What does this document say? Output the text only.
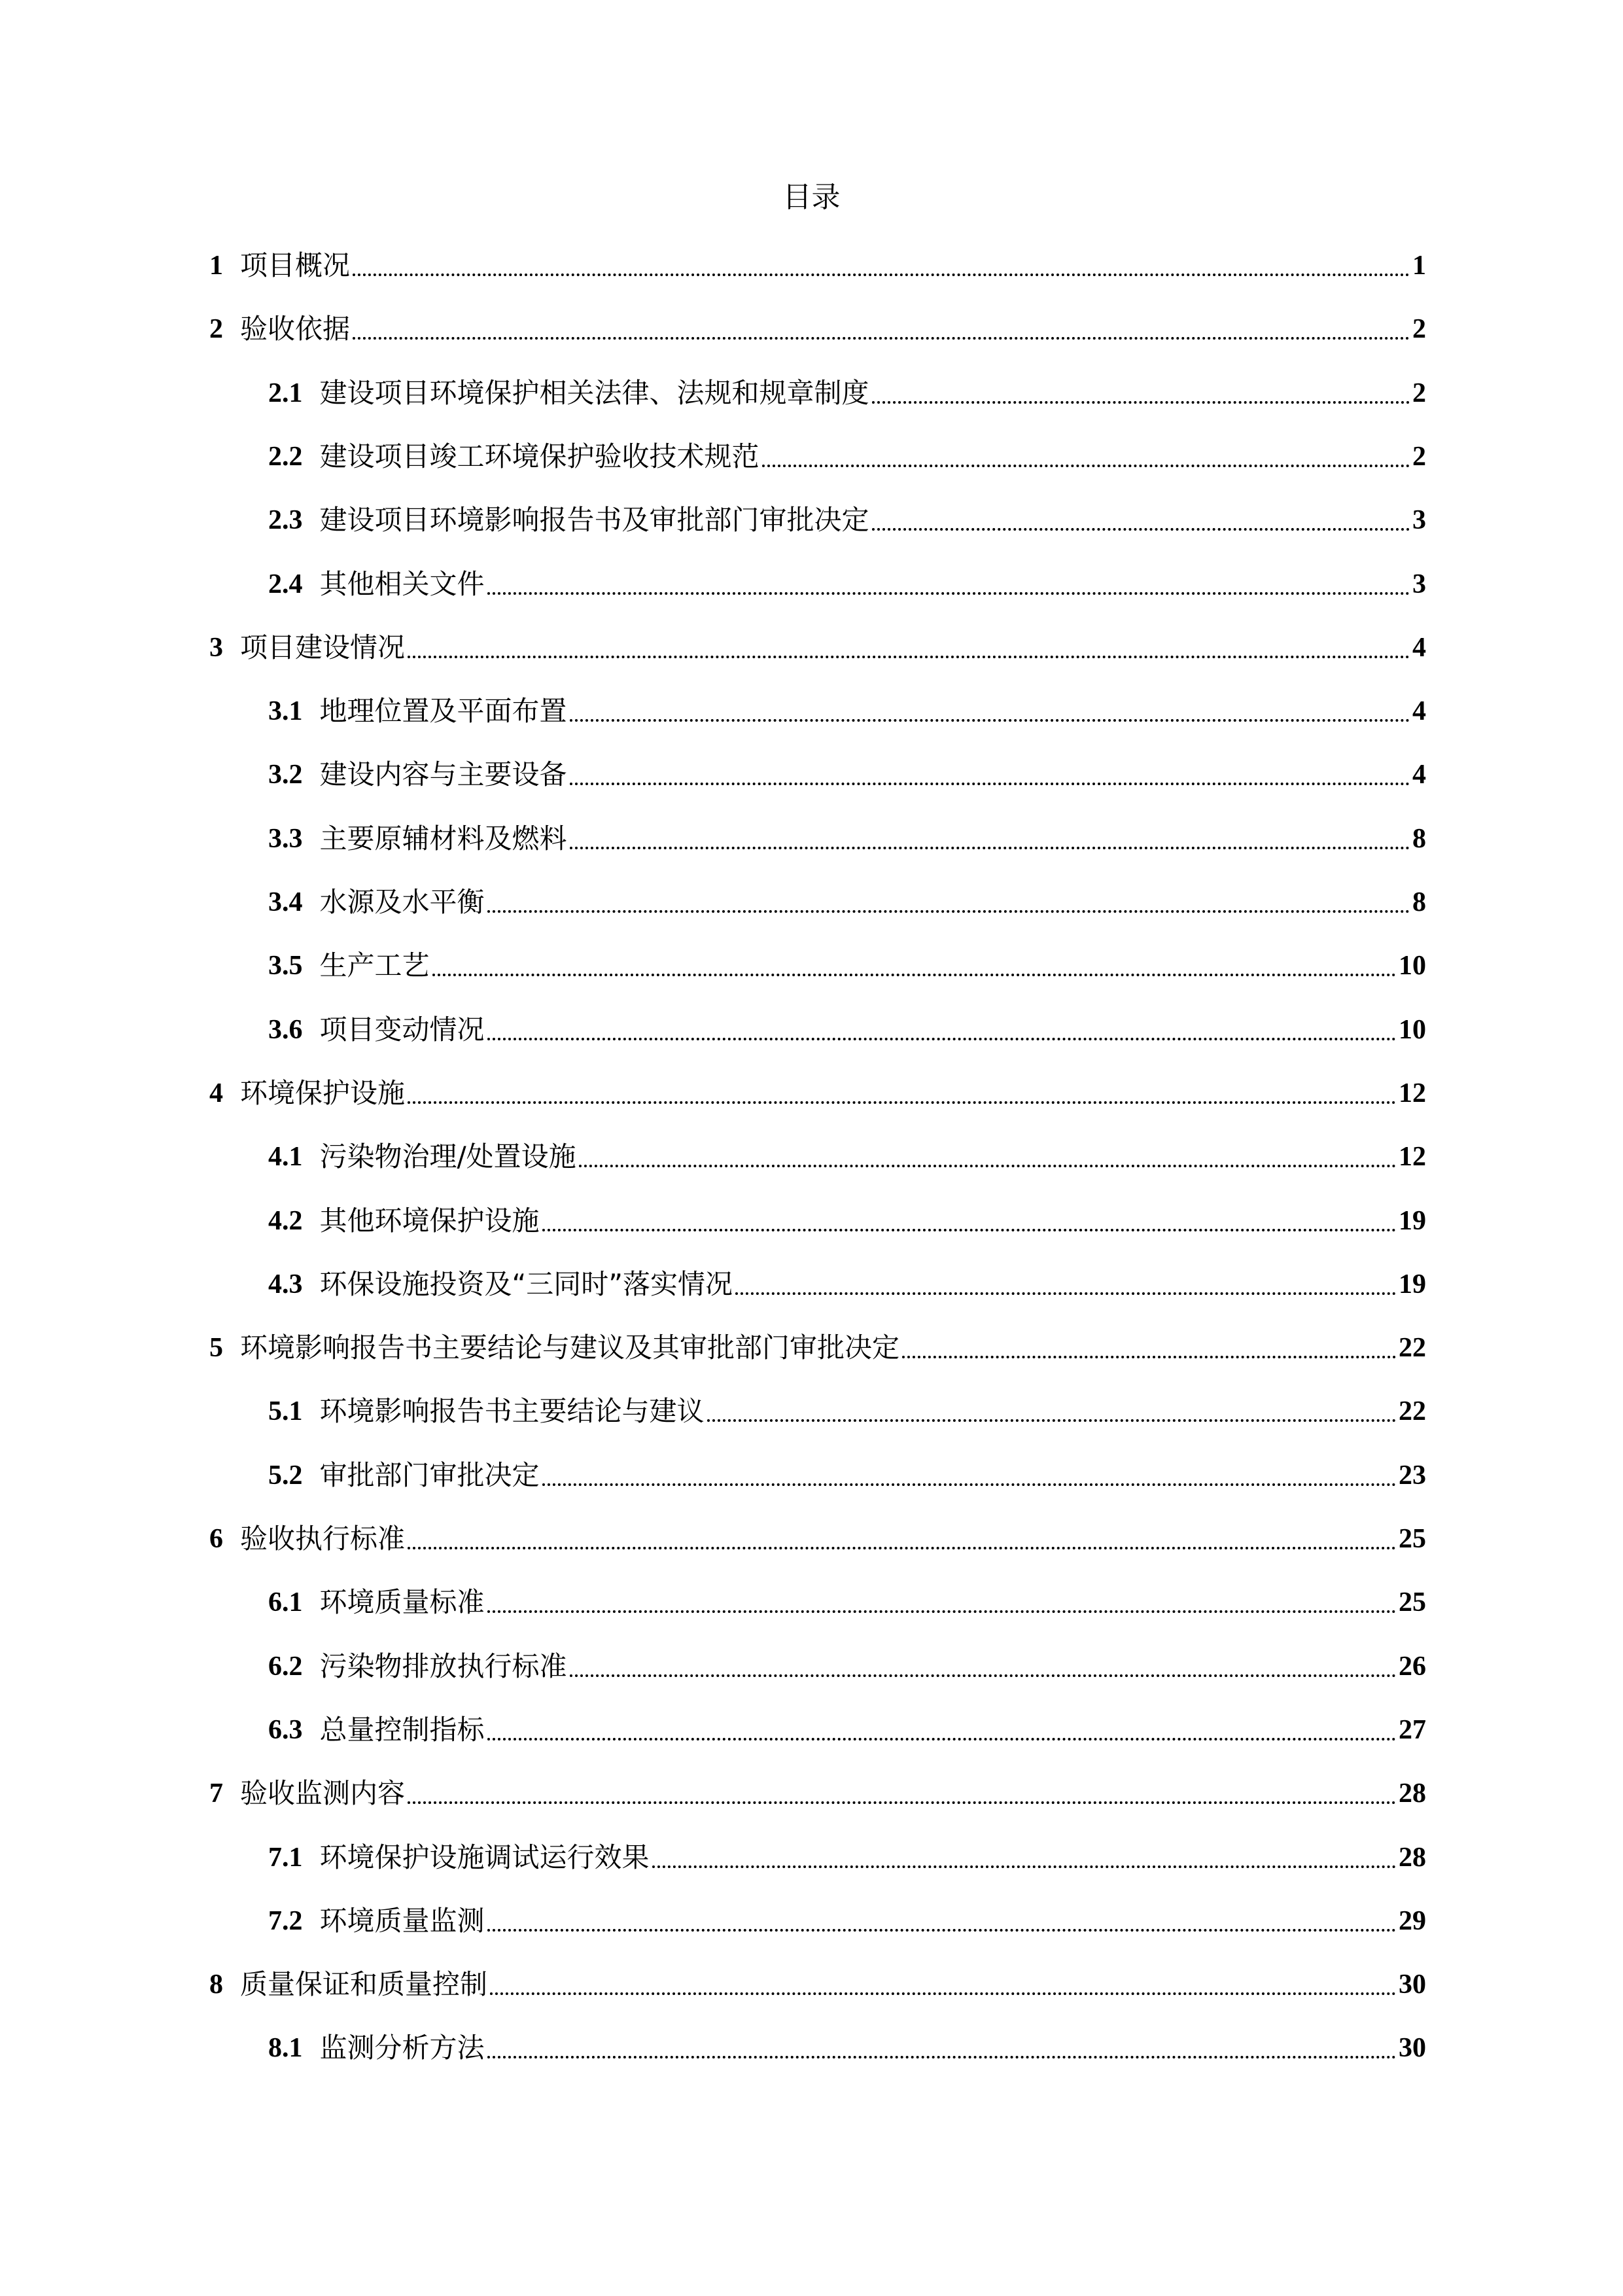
目录
1 项目概况	1
2 验收依据	2
2.1 建设项目环境保护相关法律、法规和规章制度	2
2.2 建设项目竣工环境保护验收技术规范	2
2.3 建设项目环境影响报告书及审批部门审批决定	3
2.4 其他相关文件	3
3 项目建设情况	4
3.1 地理位置及平面布置	4
3.2 建设内容与主要设备	4
3.3 主要原辅材料及燃料	8
3.4 水源及水平衡	8
3.5 生产工艺	10
3.6 项目变动情况	10
4 环境保护设施	12
4.1 污染物治理/处置设施	12
4.2 其他环境保护设施	19
4.3 环保设施投资及“三同时”落实情况	19
5 环境影响报告书主要结论与建议及其审批部门审批决定	22
5.1 环境影响报告书主要结论与建议	22
5.2 审批部门审批决定	23
6 验收执行标准	25
6.1 环境质量标准	25
6.2 污染物排放执行标准	26
6.3 总量控制指标	27
7 验收监测内容	28
7.1 环境保护设施调试运行效果	28
7.2 环境质量监测	29
8 质量保证和质量控制	30
8.1 监测分析方法	30
